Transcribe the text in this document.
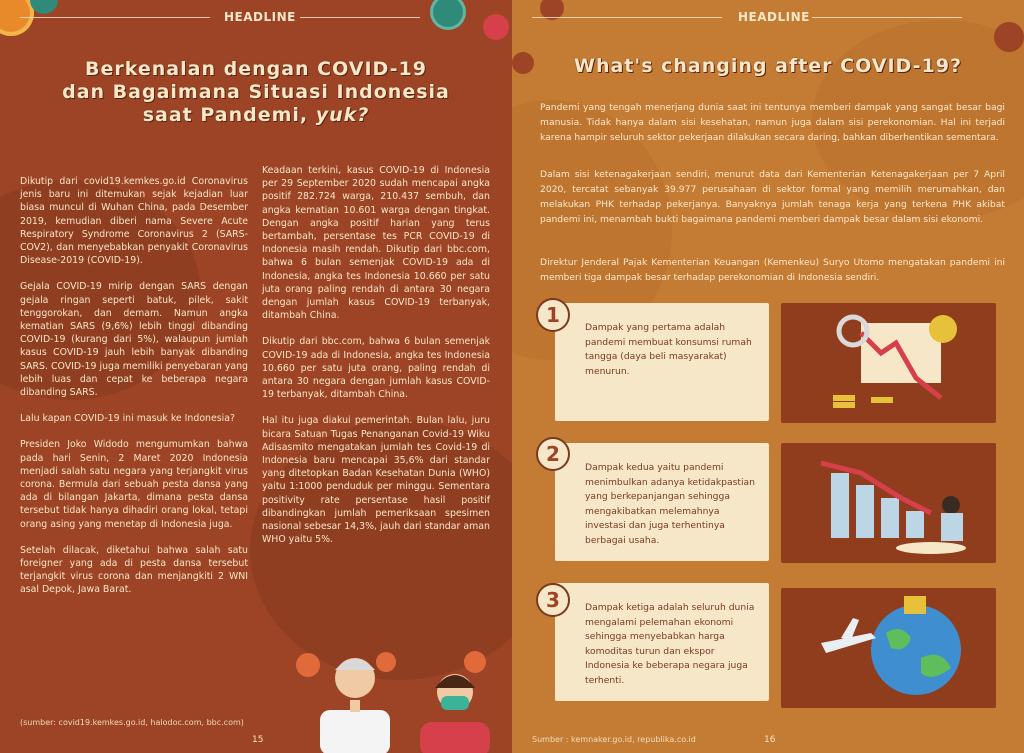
HEADLINE
Berkenalan dengan COVID-19
dan Bagaimana Situasi Indonesia
saat Pandemi, yuk?

Dikutip dari covid19.kemkes.go.id Coronavirus jenis baru ini ditemukan sejak kejadian luar biasa muncul di Wuhan China, pada Desember 2019, kemudian diberi nama Severe Acute Respiratory Syndrome Coronavirus 2 (SARS-COV2), dan menyebabkan penyakit Coronavirus Disease-2019 (COVID-19).

Gejala COVID-19 mirip dengan SARS dengan gejala ringan seperti batuk, pilek, sakit tenggorokan, dan demam. Namun angka kematian SARS (9,6%) lebih tinggi dibanding COVID-19 (kurang dari 5%), walaupun jumlah kasus COVID-19 jauh lebih banyak dibanding SARS. COVID-19 juga memiliki penyebaran yang lebih luas dan cepat ke beberapa negara dibanding SARS.

Lalu kapan COVID-19 ini masuk ke Indonesia?

Presiden Joko Widodo mengumumkan bahwa pada hari Senin, 2 Maret 2020 Indonesia menjadi salah satu negara yang terjangkit virus corona. Bermula dari sebuah pesta dansa yang ada di bilangan Jakarta, dimana pesta dansa tersebut tidak hanya dihadiri orang lokal, tetapi orang asing yang menetap di Indonesia juga.

Setelah dilacak, diketahui bahwa salah satu foreigner yang ada di pesta dansa tersebut terjangkit virus corona dan menjangkiti 2 WNI asal Depok, Jawa Barat.

Keadaan terkini, kasus COVID-19 di Indonesia per 29 September 2020 sudah mencapai angka positif 282.724 warga, 210.437 sembuh, dan angka kematian 10.601 warga dengan tingkat. Dengan angka positif harian yang terus bertambah, persentase tes PCR COVID-19 di Indonesia masih rendah. Dikutip dari bbc.com, bahwa 6 bulan semenjak COVID-19 ada di Indonesia, angka tes Indonesia 10.660 per satu juta orang paling rendah di antara 30 negara dengan jumlah kasus COVID-19 terbanyak, ditambah China.

Dikutip dari bbc.com, bahwa 6 bulan semenjak COVID-19 ada di Indonesia, angka tes Indonesia 10.660 per satu juta orang, paling rendah di antara 30 negara dengan jumlah kasus COVID-19 terbanyak, ditambah China.

Hal itu juga diakui pemerintah. Bulan lalu, juru bicara Satuan Tugas Penanganan Covid-19 Wiku Adisasmito mengatakan jumlah tes Covid-19 di Indonesia baru mencapai 35,6% dari standar yang ditetopkan Badan Kesehatan Dunia (WHO) yaitu 1:1000 penduduk per minggu. Sementara positivity rate persentase hasil positif dibandingkan jumlah pemeriksaan spesimen nasional sebesar 14,3%, jauh dari standar aman WHO yaitu 5%.

(sumber: covid19.kemkes.go.id, halodoc.com, bbc.com)
15
HEADLINE
What's changing after COVID-19?
Pandemi yang tengah menerjang dunia saat ini tentunya memberi dampak yang sangat besar bagi manusia. Tidak hanya dalam sisi kesehatan, namun juga dalam sisi perekonomian. Hal ini terjadi karena hampir seluruh sektor pekerjaan dilakukan secara daring, bahkan diberhentikan sementara.
Dalam sisi ketenagakerjaan sendiri, menurut data dari Kementerian Ketenagakerjaan per 7 April 2020, tercatat sebanyak 39.977 perusahaan di sektor formal yang memilih merumahkan, dan melakukan PHK terhadap pekerjanya. Banyaknya jumlah tenaga kerja yang terkena PHK akibat pandemi ini, menambah bukti bagaimana pandemi memberi dampak besar dalam sisi ekonomi.
Direktur Jenderal Pajak Kementerian Keuangan (Kemenkeu) Suryo Utomo mengatakan pandemi ini memberi tiga dampak besar terhadap perekonomian di Indonesia sendiri.
Dampak yang pertama adalah pandemi membuat konsumsi rumah tangga (daya beli masyarakat) menurun.
1
Dampak kedua yaitu pandemi menimbulkan adanya ketidakpastian yang berkepanjangan sehingga mengakibatkan melemahnya investasi dan juga terhentinya berbagai usaha.
2
Dampak ketiga adalah seluruh dunia mengalami pelemahan ekonomi sehingga menyebabkan harga komoditas turun dan ekspor Indonesia ke beberapa negara juga terhenti.
3
Sumber : kemnaker.go.id, republika.co.id	16
